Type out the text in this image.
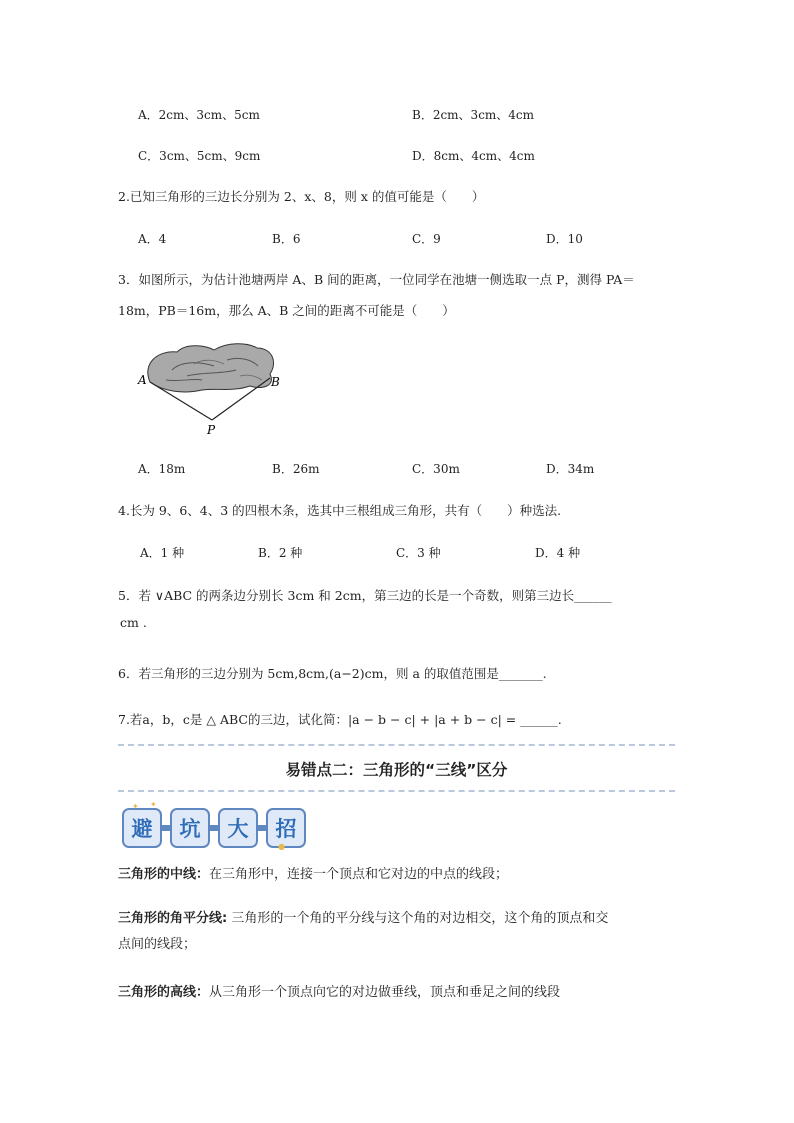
A．2cm、3cm、5cm	B．2cm、3cm、4cm
C．3cm、5cm、9cm	D．8cm、4cm、4cm
2.已知三角形的三边长分别为 2、x、8，则 x 的值可能是（　　）
A．4	B．6	C．9	D．10
3．如图所示，为估计池塘两岸 A、B 间的距离，一位同学在池塘一侧选取一点 P，测得 PA＝
18m，PB＝16m，那么 A、B 之间的距离不可能是（　　）
A	B
P
A．18m	B．26m	C．30m	D．34m
4.长为 9、6、4、3 的四根木条，选其中三根组成三角形，共有（　　）种选法.
A．1 种	B．2 种	C．3 种	D．4 种
5．若 ∨ABC 的两条边分别长 3cm 和 2cm，第三边的长是一个奇数，则第三边长______
cm .
6．若三角形的三边分别为 5cm,8cm,(a−2)cm，则 a 的取值范围是_______.
7.若a，b，c是 △ ABC的三边，试化简：|a − b − c| + |a + b − c| = ______.
易错点二：三角形的“三线”区分
避	坑	大	招
✦ ✦
●
三角形的中线：在三角形中，连接一个顶点和它对边的中点的线段；
三角形的角平分线: 三角形的一个角的平分线与这个角的对边相交，这个角的顶点和交
点间的线段；
三角形的高线：从三角形一个顶点向它的对边做垂线，顶点和垂足之间的线段
